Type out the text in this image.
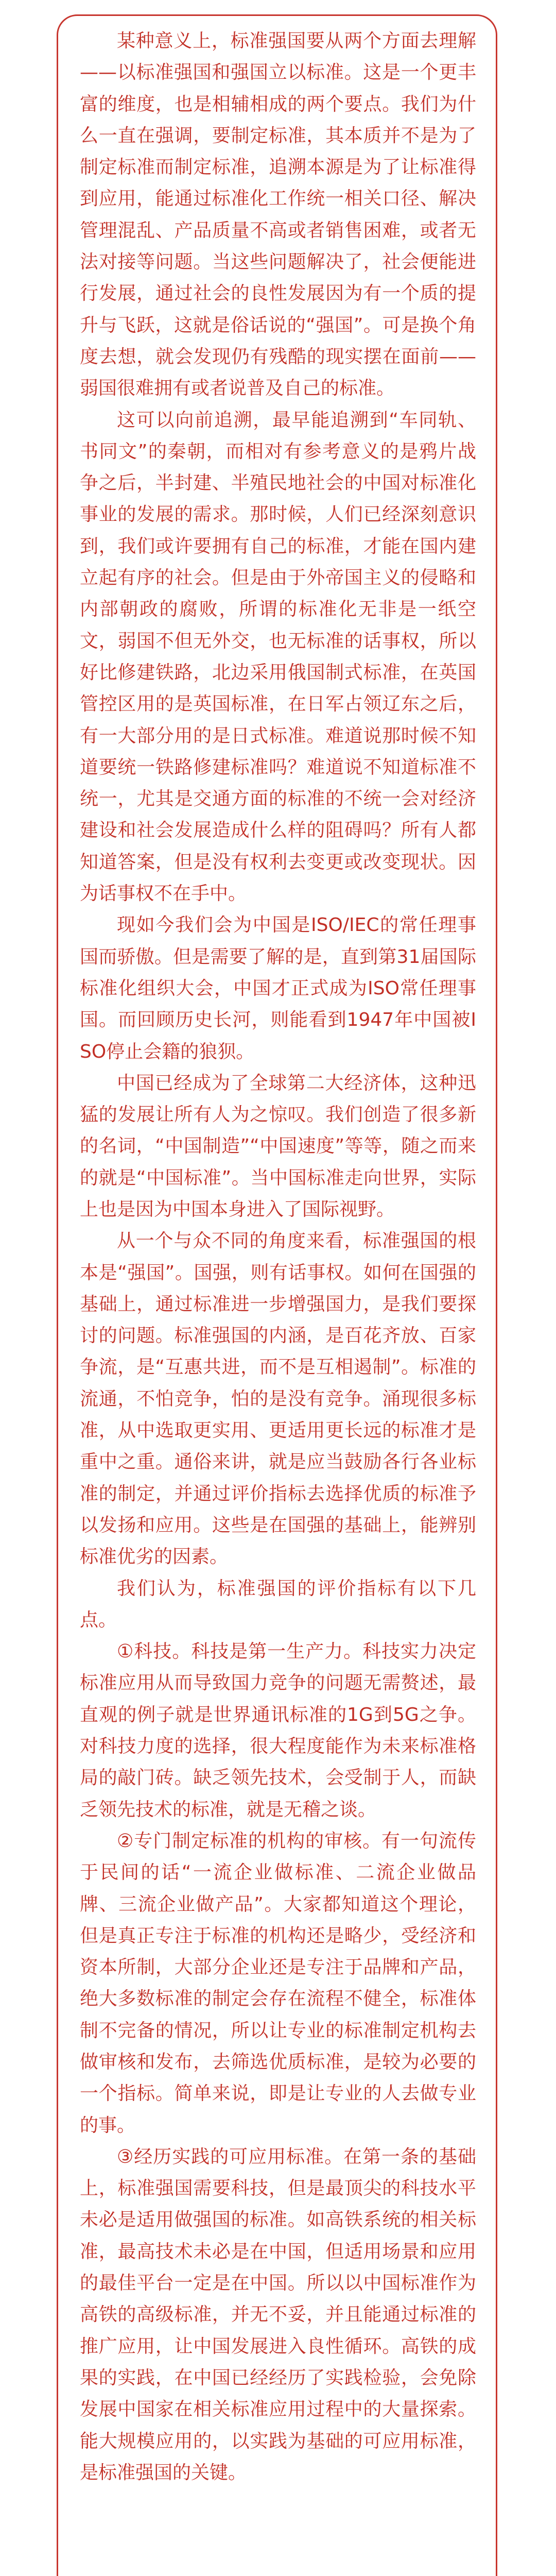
某种意义上，标准强国要从两个方面去理解——以标准强国和强国立以标准。这是一个更丰富的维度，也是相辅相成的两个要点。我们为什么一直在强调，要制定标准，其本质并不是为了制定标准而制定标准，追溯本源是为了让标准得到应用，能通过标准化工作统一相关口径、解决管理混乱、产品质量不高或者销售困难，或者无法对接等问题。当这些问题解决了，社会便能进行发展，通过社会的良性发展因为有一个质的提升与飞跃，这就是俗话说的“强国”。可是换个角度去想，就会发现仍有残酷的现实摆在面前——弱国很难拥有或者说普及自己的标准。

这可以向前追溯，最早能追溯到“车同轨、书同文”的秦朝，而相对有参考意义的是鸦片战争之后，半封建、半殖民地社会的中国对标准化事业的发展的需求。那时候，人们已经深刻意识到，我们或许要拥有自己的标准，才能在国内建立起有序的社会。但是由于外帝国主义的侵略和内部朝政的腐败，所谓的标准化无非是一纸空文，弱国不但无外交，也无标准的话事权，所以好比修建铁路，北边采用俄国制式标准，在英国管控区用的是英国标准，在日军占领辽东之后，有一大部分用的是日式标准。难道说那时候不知道要统一铁路修建标准吗？难道说不知道标准不统一，尤其是交通方面的标准的不统一会对经济建设和社会发展造成什么样的阻碍吗？所有人都知道答案，但是没有权利去变更或改变现状。因为话事权不在手中。

现如今我们会为中国是ISO/IEC的常任理事国而骄傲。但是需要了解的是，直到第31届国际标准化组织大会，中国才正式成为ISO常任理事国。而回顾历史长河，则能看到1947年中国被ISO停止会籍的狼狈。

中国已经成为了全球第二大经济体，这种迅猛的发展让所有人为之惊叹。我们创造了很多新的名词，“中国制造”“中国速度”等等，随之而来的就是“中国标准”。当中国标准走向世界，实际上也是因为中国本身进入了国际视野。

从一个与众不同的角度来看，标准强国的根本是“强国”。国强，则有话事权。如何在国强的基础上，通过标准进一步增强国力，是我们要探讨的问题。标准强国的内涵，是百花齐放、百家争流，是“互惠共进，而不是互相遏制”。标准的流通，不怕竞争，怕的是没有竞争。涌现很多标准，从中选取更实用、更适用更长远的标准才是重中之重。通俗来讲，就是应当鼓励各行各业标准的制定，并通过评价指标去选择优质的标准予以发扬和应用。这些是在国强的基础上，能辨别标准优劣的因素。

我们认为，标准强国的评价指标有以下几点。

①科技。科技是第一生产力。科技实力决定标准应用从而导致国力竞争的问题无需赘述，最直观的例子就是世界通讯标准的1G到5G之争。对科技力度的选择，很大程度能作为未来标准格局的敲门砖。缺乏领先技术，会受制于人，而缺乏领先技术的标准，就是无稽之谈。

②专门制定标准的机构的审核。有一句流传于民间的话“一流企业做标准、二流企业做品牌、三流企业做产品”。大家都知道这个理论，但是真正专注于标准的机构还是略少，受经济和资本所制，大部分企业还是专注于品牌和产品，绝大多数标准的制定会存在流程不健全，标准体制不完备的情况，所以让专业的标准制定机构去做审核和发布，去筛选优质标准，是较为必要的一个指标。简单来说，即是让专业的人去做专业的事。

③经历实践的可应用标准。在第一条的基础上，标准强国需要科技，但是最顶尖的科技水平未必是适用做强国的标准。如高铁系统的相关标准，最高技术未必是在中国，但适用场景和应用的最佳平台一定是在中国。所以以中国标准作为高铁的高级标准，并无不妥，并且能通过标准的推广应用，让中国发展进入良性循环。高铁的成果的实践，在中国已经经历了实践检验，会免除发展中国家在相关标准应用过程中的大量探索。能大规模应用的，以实践为基础的可应用标准，是标准强国的关键。
